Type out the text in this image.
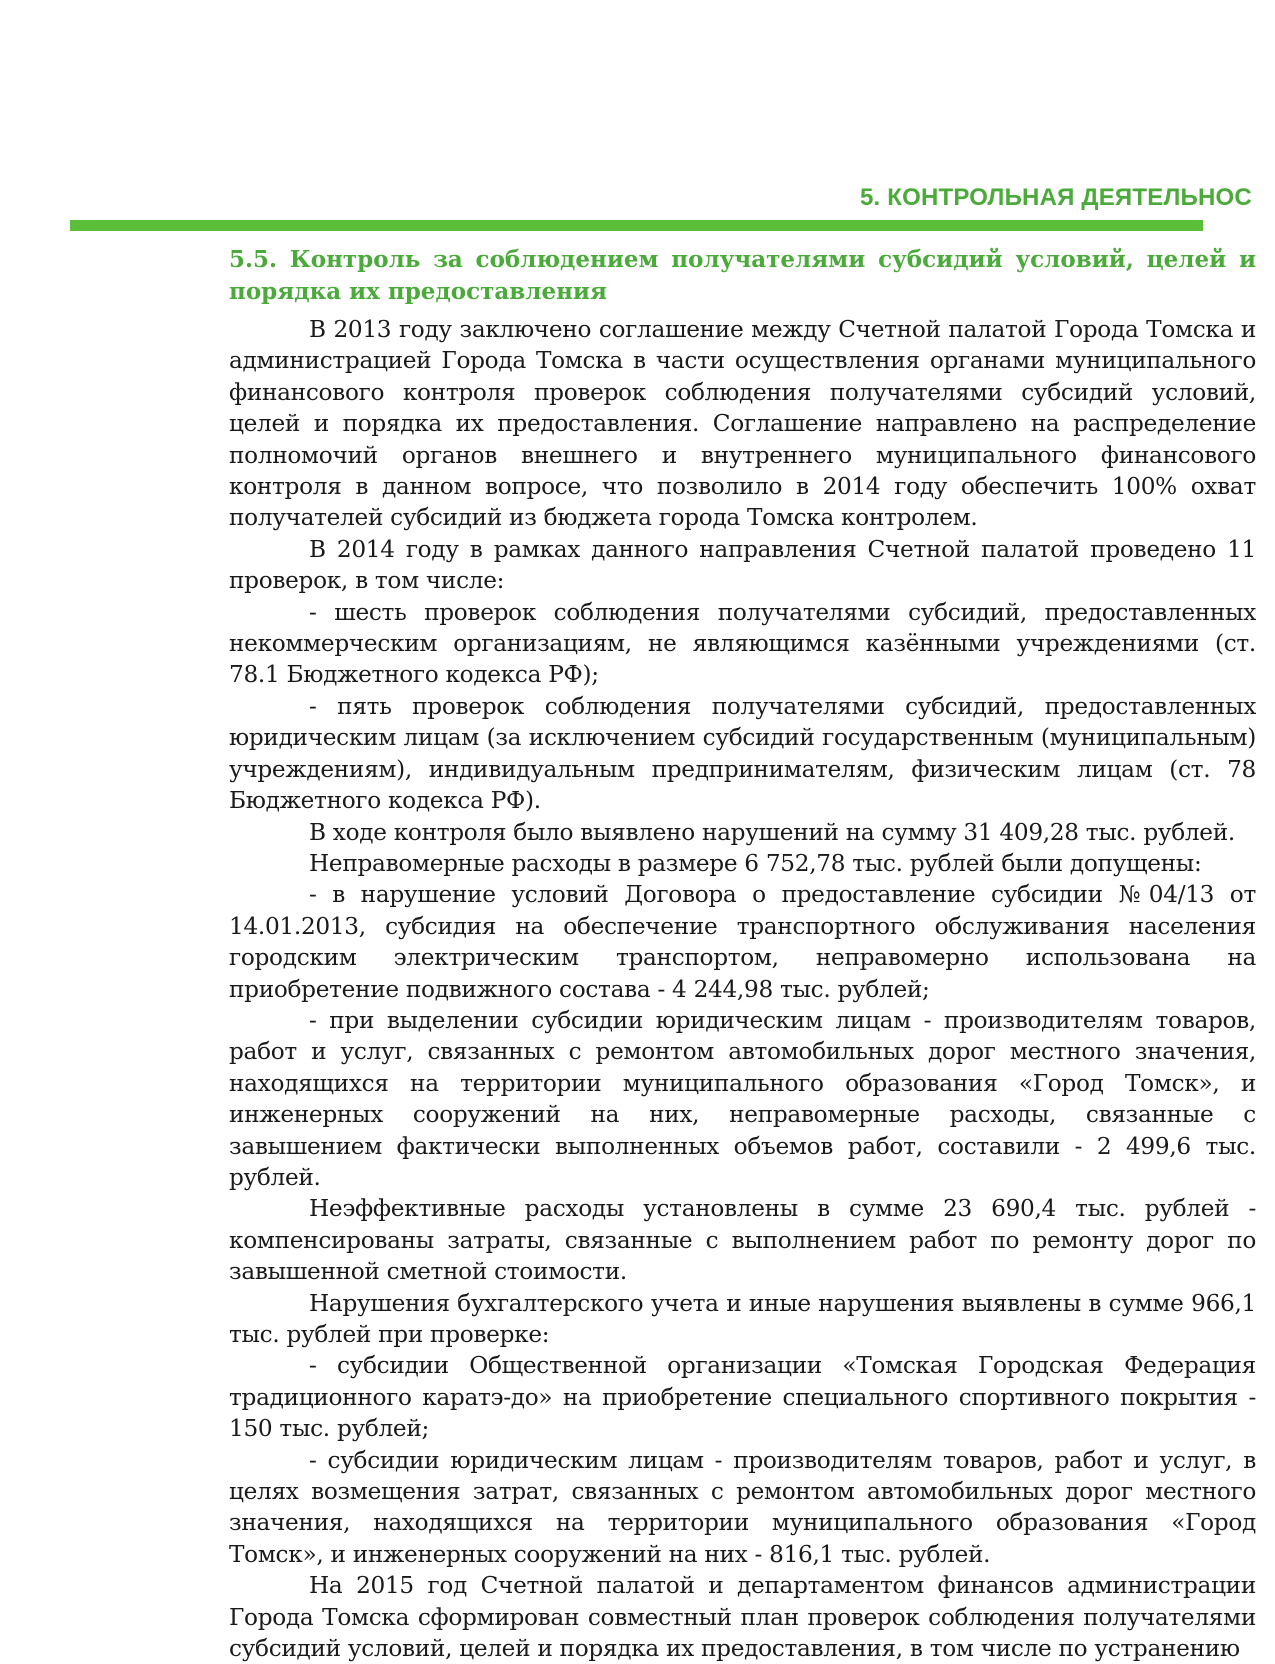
5. КОНТРОЛЬНАЯ ДЕЯТЕЛЬНОС
5.5. Контроль за соблюдением получателями субсидий условий, целей и порядка их предоставления

В 2013 году заключено соглашение между Счетной палатой Города Томска и администрацией Города Томска в части осуществления органами муниципального финансового контроля проверок соблюдения получателями субсидий условий, целей и порядка их предоставления. Соглашение направлено на распределение полномочий органов внешнего и внутреннего муниципального финансового контроля в данном вопросе, что позволило в 2014 году обеспечить 100% охват получателей субсидий из бюджета города Томска контролем.

В 2014 году в рамках данного направления Счетной палатой проведено 11 проверок, в том числе:

- шесть проверок соблюдения получателями субсидий, предоставленных некоммерческим организациям, не являющимся казёнными учреждениями (ст. 78.1 Бюджетного кодекса РФ);

- пять проверок соблюдения получателями субсидий, предоставленных юридическим лицам (за исключением субсидий государственным (муниципальным) учреждениям), индивидуальным предпринимателям, физическим лицам (ст. 78 Бюджетного кодекса РФ).

В ходе контроля было выявлено нарушений на сумму 31 409,28 тыс. рублей.

Неправомерные расходы в размере 6 752,78 тыс. рублей были допущены:

- в нарушение условий Договора о предоставление субсидии №04/13 от 14.01.2013, субсидия на обеспечение транспортного обслуживания населения городским электрическим транспортом, неправомерно использована на приобретение подвижного состава - 4 244,98 тыс. рублей;

- при выделении субсидии юридическим лицам - производителям товаров, работ и услуг, связанных с ремонтом автомобильных дорог местного значения, находящихся на территории муниципального образования «Город Томск», и инженерных сооружений на них, неправомерные расходы, связанные с завышением фактически выполненных объемов работ, составили - 2 499,6 тыс. рублей.

Неэффективные расходы установлены в сумме 23 690,4 тыс. рублей - компенсированы затраты, связанные с выполнением работ по ремонту дорог по завышенной сметной стоимости.

Нарушения бухгалтерского учета и иные нарушения выявлены в сумме 966,1 тыс. рублей при проверке:

- субсидии Общественной организации «Томская Городская Федерация традиционного каратэ-до» на приобретение специального спортивного покрытия - 150 тыс. рублей;

- субсидии юридическим лицам - производителям товаров, работ и услуг, в целях возмещения затрат, связанных с ремонтом автомобильных дорог местного значения, находящихся на территории муниципального образования «Город Томск», и инженерных сооружений на них - 816,1 тыс. рублей.

На 2015 год Счетной палатой и департаментом финансов администрации Города Томска сформирован совместный план проверок соблюдения получателями субсидий условий, целей и порядка их предоставления, в том числе по устранению
